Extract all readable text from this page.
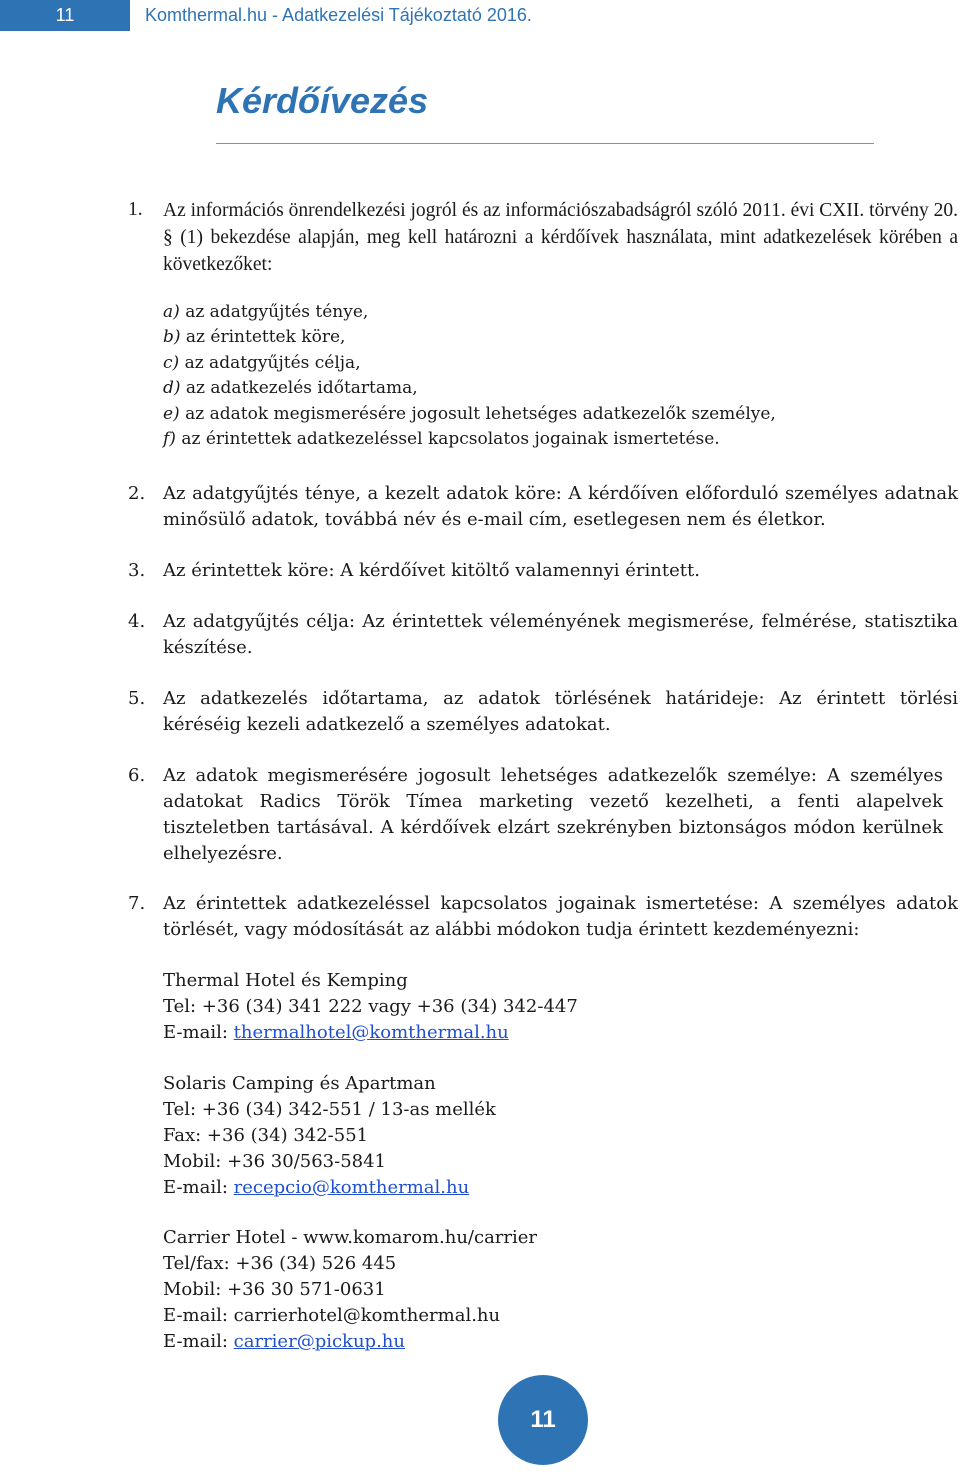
11	Komthermal.hu - Adatkezelési Tájékoztató 2016.
Kérdőívezés
1. Az információs önrendelkezési jogról és az információszabadságról szóló 2011. évi CXII. törvény 20. § (1) bekezdése alapján, meg kell határozni a kérdőívek használata, mint adatkezelések körében a következőket:

a) az adatgyűjtés ténye,
b) az érintettek köre,
c) az adatgyűjtés célja,
d) az adatkezelés időtartama,
e) az adatok megismerésére jogosult lehetséges adatkezelők személye,
f) az érintettek adatkezeléssel kapcsolatos jogainak ismertetése.
2. Az adatgyűjtés ténye, a kezelt adatok köre: A kérdőíven előforduló személyes adatnak minősülő adatok, továbbá név és e-mail cím, esetlegesen nem és életkor.

3. Az érintettek köre: A kérdőívet kitöltő valamennyi érintett.

4. Az adatgyűjtés célja: Az érintettek véleményének megismerése, felmérése, statisztika készítése.

5. Az adatkezelés időtartama, az adatok törlésének határideje: Az érintett törlési kéréséig kezeli adatkezelő a személyes adatokat.

6. Az adatok megismerésére jogosult lehetséges adatkezelők személye: A személyes adatokat Radics Török Tímea marketing vezető kezelheti, a fenti alapelvek tiszteletben tartásával. A kérdőívek elzárt szekrényben biztonságos módon kerülnek elhelyezésre.

7. Az érintettek adatkezeléssel kapcsolatos jogainak ismertetése: A személyes adatok törlését, vagy módosítását az alábbi módokon tudja érintett kezdeményezni:

Thermal Hotel és Kemping
Tel: +36 (34) 341 222 vagy +36 (34) 342-447
E-mail: thermalhotel@komthermal.hu
Solaris Camping és Apartman
Tel: +36 (34) 342-551 / 13-as mellék
Fax: +36 (34) 342-551
Mobil: +36 30/563-5841
E-mail: recepcio@komthermal.hu
Carrier Hotel - www.komarom.hu/carrier
Tel/fax: +36 (34) 526 445
Mobil: +36 30 571-0631
E-mail: carrierhotel@komthermal.hu
E-mail: carrier@pickup.hu
11
